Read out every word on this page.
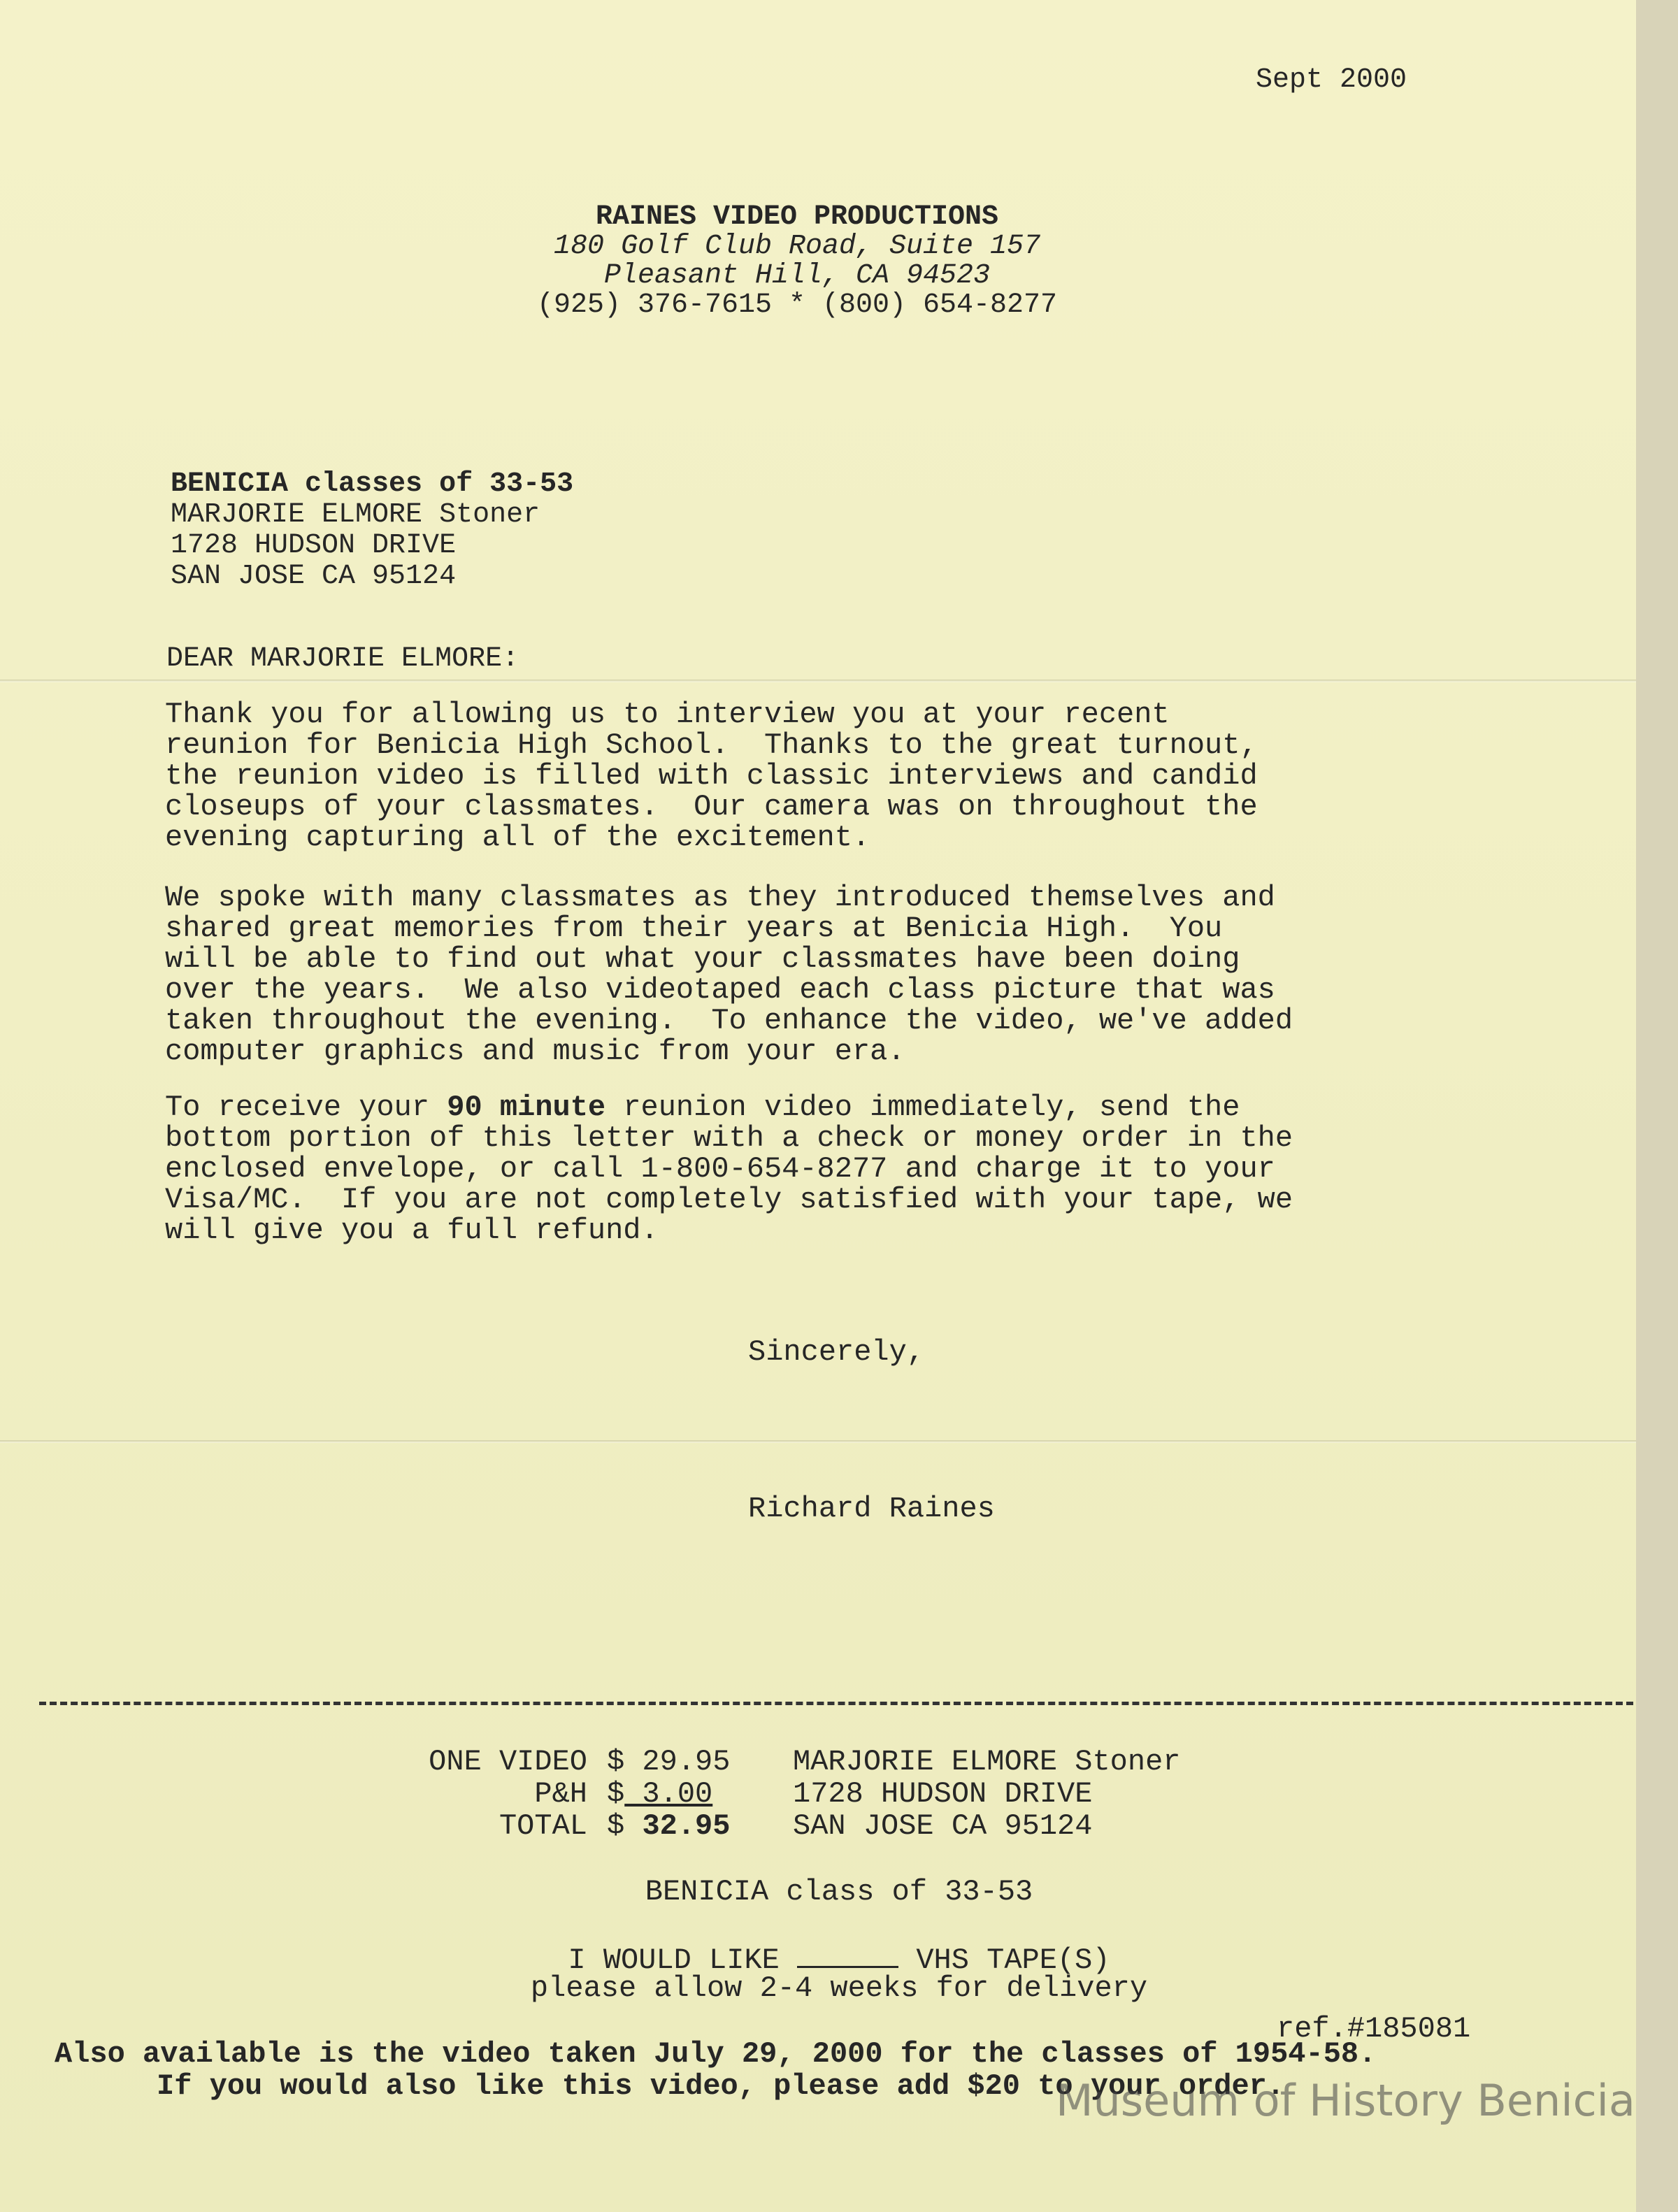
Sept 2000
RAINES VIDEO PRODUCTIONS
180 Golf Club Road, Suite 157
Pleasant Hill, CA 94523
(925) 376-7615 * (800) 654-8277
BENICIA classes of 33-53
MARJORIE ELMORE Stoner
1728 HUDSON DRIVE
SAN JOSE CA 95124
DEAR MARJORIE ELMORE:
Thank you for allowing us to interview you at your recent
reunion for Benicia High School.  Thanks to the great turnout,
the reunion video is filled with classic interviews and candid
closeups of your classmates.  Our camera was on throughout the
evening capturing all of the excitement.
We spoke with many classmates as they introduced themselves and
shared great memories from their years at Benicia High.  You
will be able to find out what your classmates have been doing
over the years.  We also videotaped each class picture that was
taken throughout the evening.  To enhance the video, we've added
computer graphics and music from your era.
To receive your 90 minute reunion video immediately, send the
bottom portion of this letter with a check or money order in the
enclosed envelope, or call 1-800-654-8277 and charge it to your
Visa/MC.  If you are not completely satisfied with your tape, we
will give you a full refund.
Sincerely,
Richard Raines
ONE VIDEO $ 29.95
P&H $ 3.00
TOTAL $ 32.95
MARJORIE ELMORE Stoner
1728 HUDSON DRIVE
SAN JOSE CA 95124
BENICIA class of 33-53
I WOULD LIKE	VHS TAPE(S)
please allow 2-4 weeks for delivery
ref.#185081
Also available is the video taken July 29, 2000 for the classes of 1954-58.
If you would also like this video, please add $20 to your order.
Museum of History Benicia
